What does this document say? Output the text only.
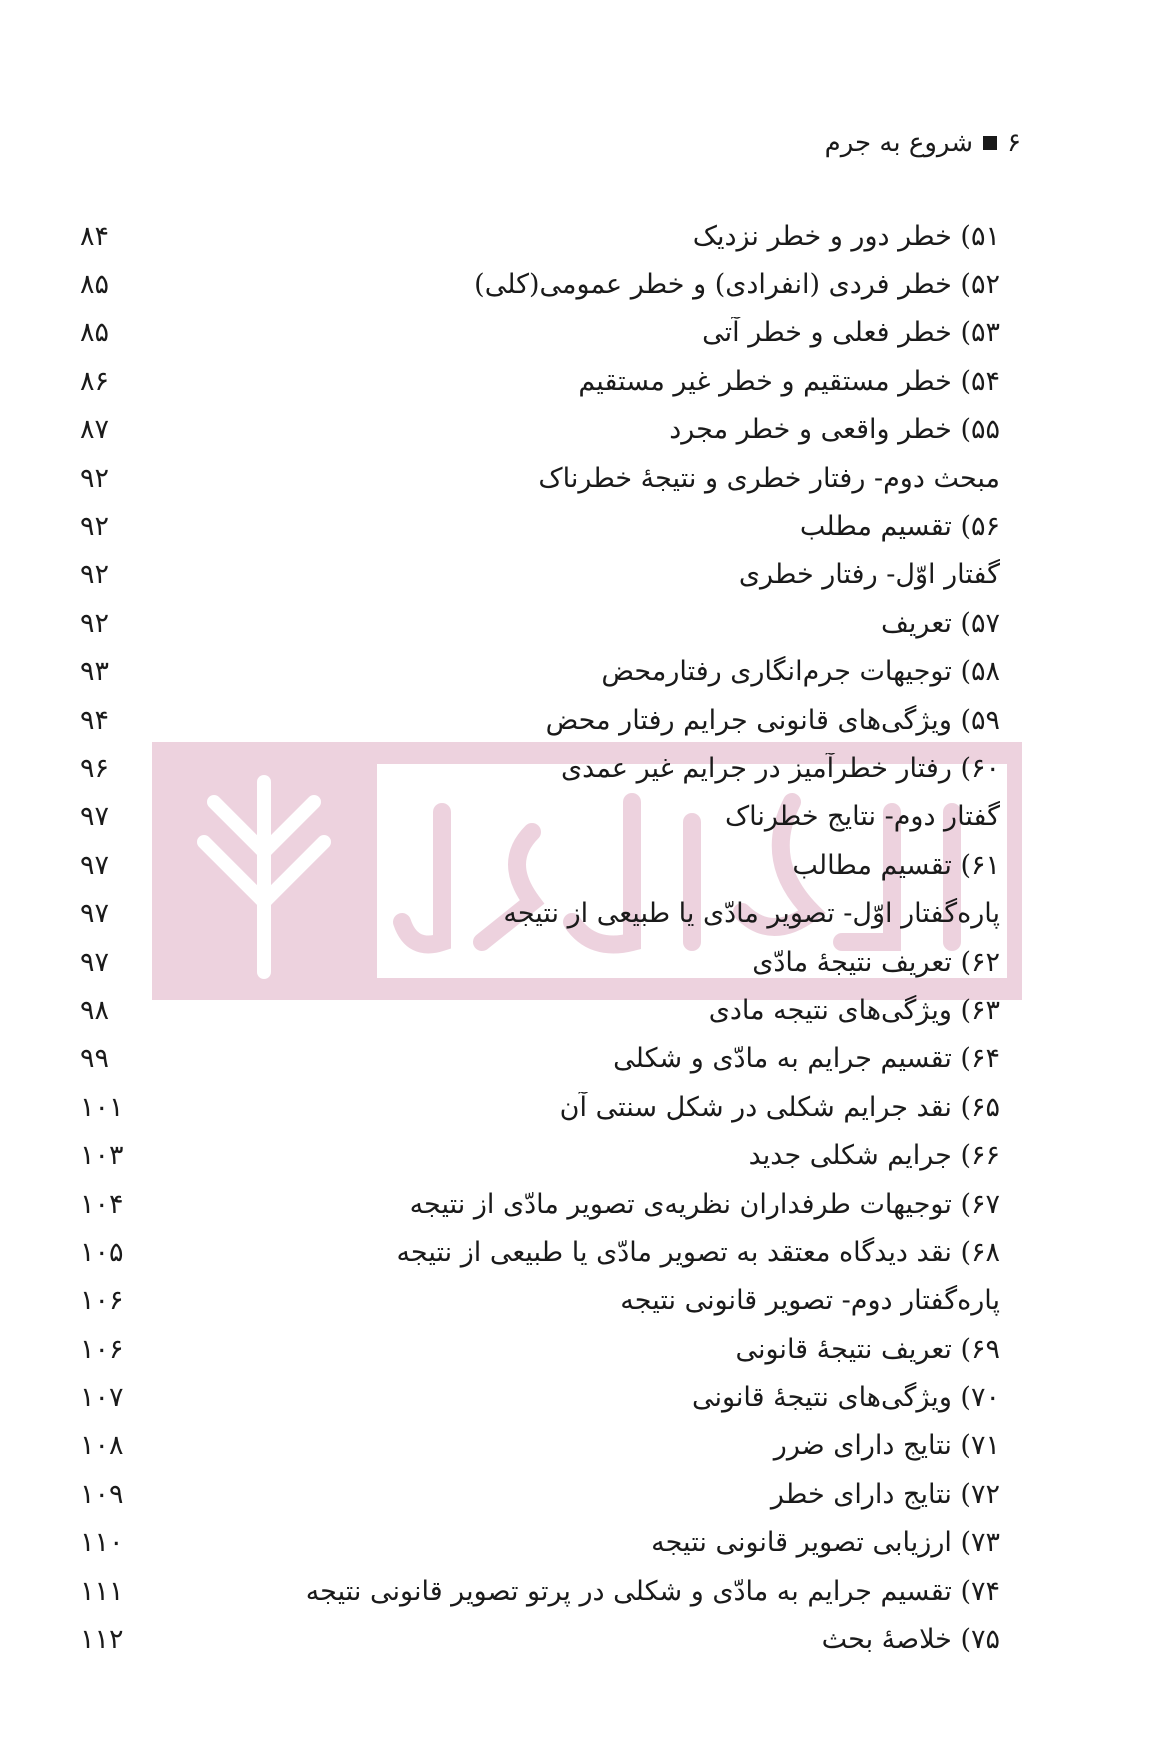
۶
شروع به جرم
۸۴	۵۱) خطر دور و خطر نزدیک
۸۵	۵۲) خطر فردی (انفرادی) و خطر عمومی(کلی)
۸۵	۵۳) خطر فعلی و خطر آتی
۸۶	۵۴) خطر مستقیم و خطر غیر مستقیم
۸۷	۵۵) خطر واقعی و خطر مجرد
۹۲	مبحث دوم- رفتار خطری و نتیجهٔ خطرناک
۹۲	۵۶) تقسیم مطلب
۹۲	گفتار اوّل- رفتار خطری
۹۲	۵۷) تعریف
۹۳	۵۸) توجیهات جرم‌انگاری رفتارمحض
۹۴	۵۹) ویژگی‌های قانونی جرایم رفتار محض
۹۶	۶۰) رفتار خطرآمیز در جرایم غیر عمدی
۹۷	گفتار دوم- نتایج خطرناک
۹۷	۶۱) تقسیم مطالب
۹۷	پاره‌گفتار اوّل- تصویر مادّی یا طبیعی از نتیجه
۹۷	۶۲) تعریف نتیجهٔ مادّی
۹۸	۶۳) ویژگی‌های نتیجه مادی
۹۹	۶۴) تقسیم جرایم به مادّی و شکلی
۱۰۱	۶۵) نقد جرایم شکلی در شکل سنتی آن
۱۰۳	۶۶) جرایم شکلی جدید
۱۰۴	۶۷) توجیهات طرفداران نظریه‌ی تصویر مادّی از نتیجه
۱۰۵	۶۸) نقد دیدگاه معتقد به تصویر مادّی یا طبیعی از نتیجه
۱۰۶	پاره‌گفتار دوم- تصویر قانونی نتیجه
۱۰۶	۶۹) تعریف نتیجهٔ قانونی
۱۰۷	۷۰) ویژگی‌های نتیجهٔ قانونی
۱۰۸	۷۱) نتایج دارای ضرر
۱۰۹	۷۲) نتایج دارای خطر
۱۱۰	۷۳) ارزیابی تصویر قانونی نتیجه
۱۱۱	۷۴) تقسیم جرایم به مادّی و شکلی در پرتو تصویر قانونی نتیجه
۱۱۲	۷۵) خلاصهٔ بحث
